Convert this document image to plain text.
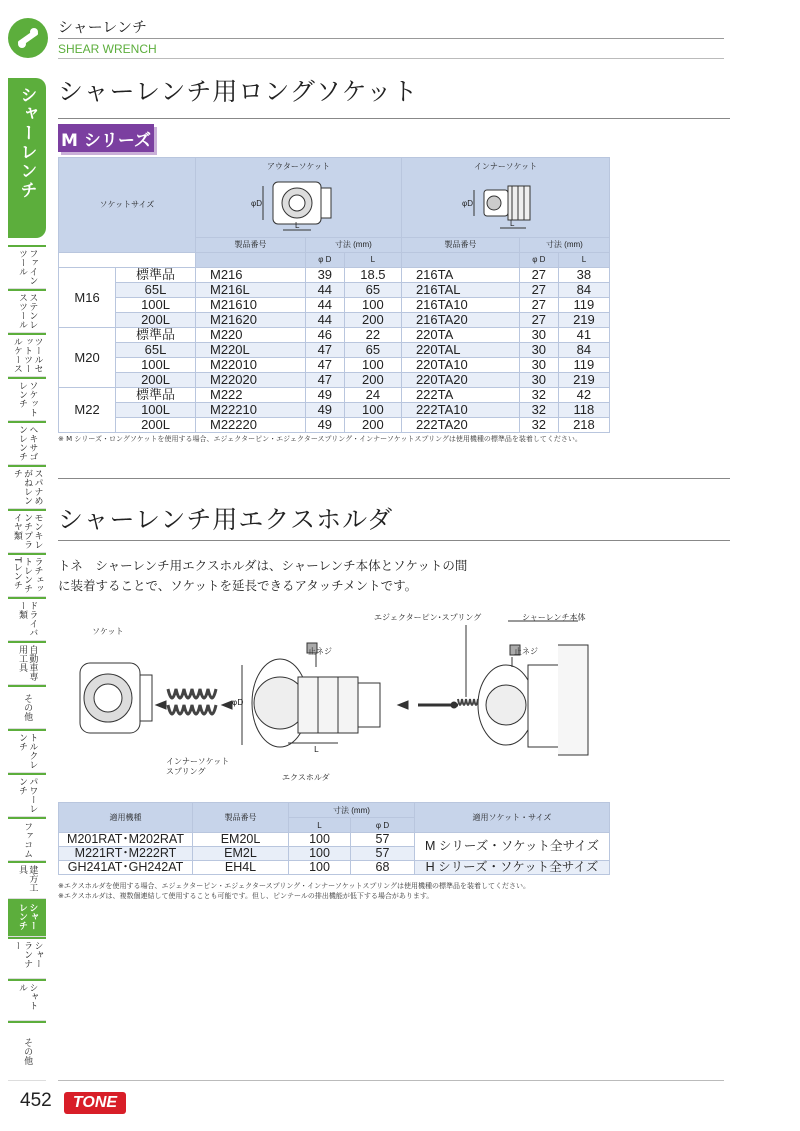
シャーレンチ
SHEAR WRENCH
シャーレンチ
ファインツール
ステンレスツール
ツールセットツールケース
ソケットレンチ
ヘキサゴンレンチ
スパナめがねレンチ
モンキレンチプライヤ類
ラチェットレンチTレンチ
ドライバー類
自動車専用工具
その他
トルクレンチ
パワーレンチ
ファコム
建方工具
シャーレンチ
シャーランナー
シャトル
その他
シャーレンチ用ロングソケット
M シリーズ
ソケットサイズ		アウターソケット
φD
L			インナーソケット
φD
L		

		製品番号	寸法 (mm)		製品番号	寸法 (mm)	
			φ D	L		φ D	L
M16	標準品	M216	39	18.5	216TA	27	38
	65L	M216L	44	65	216TAL	27	84
	100L	M21610	44	100	216TA10	27	119
	200L	M21620	44	200	216TA20	27	219
M20	標準品	M220	46	22	220TA	30	41
	65L	M220L	47	65	220TAL	30	84
	100L	M22010	47	100	220TA10	30	119
	200L	M22020	47	200	220TA20	30	219
M22	標準品	M222	49	24	222TA	32	42
	100L	M22210	49	100	222TA10	32	118
	200L	M22220	49	200	222TA20	32	218
※ M シリーズ・ロングソケットを使用する場合、エジェクターピン・エジェクタースプリング・インナーソケットスプリングは使用機種の標準品を装着してください。
シャーレンチ用エクスホルダ
トネ　シャーレンチ用エクスホルダは、シャーレンチ本体とソケットの間
に装着することで、ソケットを延長できるアタッチメントです。
ソケット
エジェクターピン･スプリング	シャーレンチ本体
止ネジ	止ネジ
インナーソケット
スプリング
エクスホルダ
φD
L
適用機種	製品番号	寸法 (mm)		適用ソケット・サイズ
		L	φ D	
M201RAT･M202RAT	EM20L	100	57	M シリーズ・ソケット全サイズ
M221RT･M222RT	EM2L	100	57	
GH241AT･GH242AT	EH4L	100	68	H シリーズ・ソケット全サイズ
※エクスホルダを使用する場合、エジェクターピン・エジェクタースプリング・インナーソケットスプリングは使用機種の標準品を装着してください。
※エクスホルダは、複数個連結して使用することも可能です。但し、ピンテールの排出機能が低下する場合があります。
452	TONE
